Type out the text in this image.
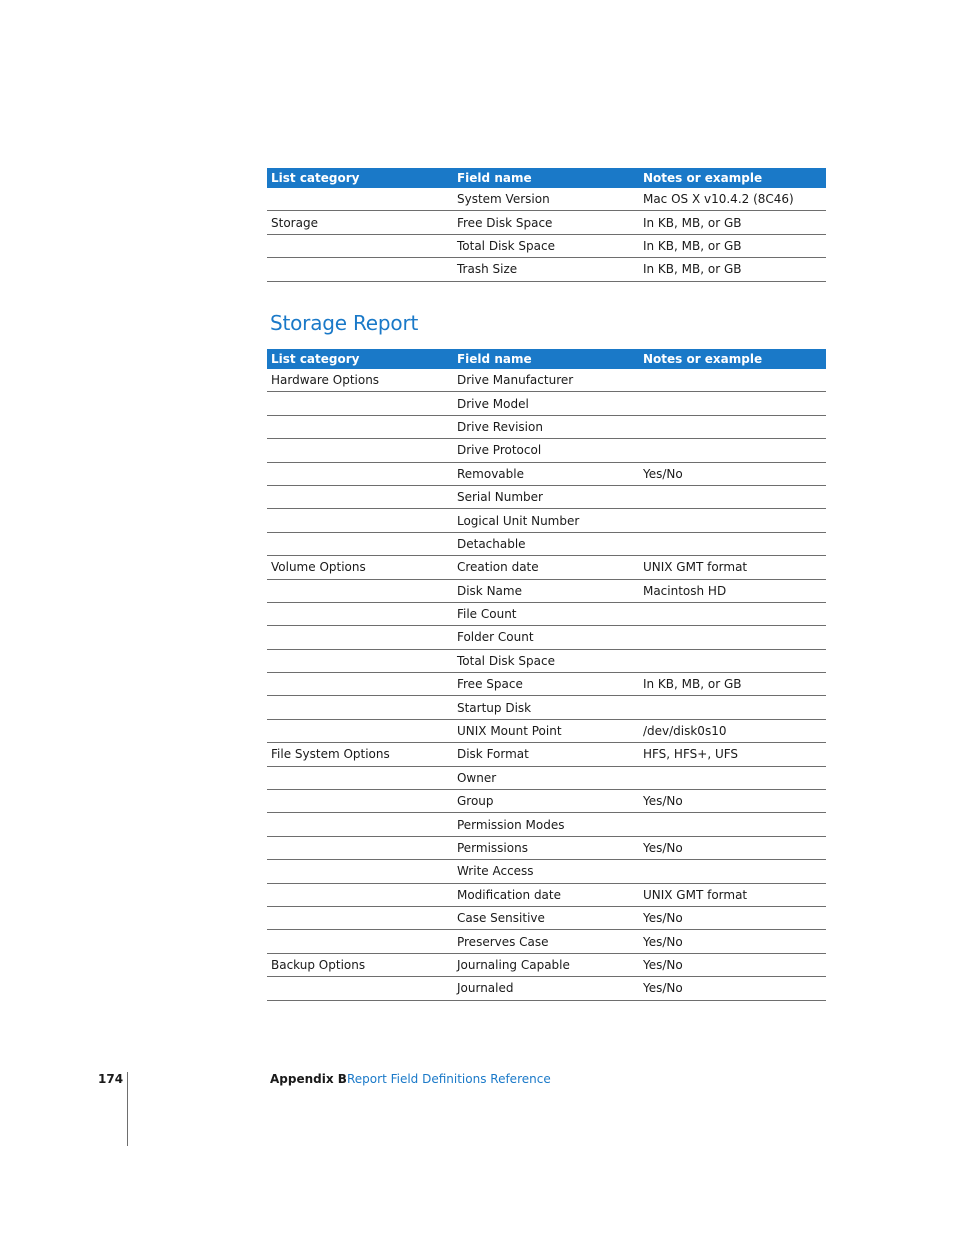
List category	Field name	Notes or example
	System Version	Mac OS X v10.4.2 (8C46)
Storage	Free Disk Space	In KB, MB, or GB
	Total Disk Space	In KB, MB, or GB
	Trash Size	In KB, MB, or GB
Storage Report
List category	Field name	Notes or example
Hardware Options	Drive Manufacturer	
	Drive Model	
	Drive Revision	
	Drive Protocol	
	Removable	Yes/No
	Serial Number	
	Logical Unit Number	
	Detachable	
Volume Options	Creation date	UNIX GMT format
	Disk Name	Macintosh HD
	File Count	
	Folder Count	
	Total Disk Space	
	Free Space	In KB, MB, or GB
	Startup Disk	
	UNIX Mount Point	/dev/disk0s10
File System Options	Disk Format	HFS, HFS+, UFS
	Owner	
	Group	Yes/No
	Permission Modes	
	Permissions	Yes/No
	Write Access	
	Modification date	UNIX GMT format
	Case Sensitive	Yes/No
	Preserves Case	Yes/No
Backup Options	Journaling Capable	Yes/No
	Journaled	Yes/No
174	Appendix B Report Field Definitions Reference
